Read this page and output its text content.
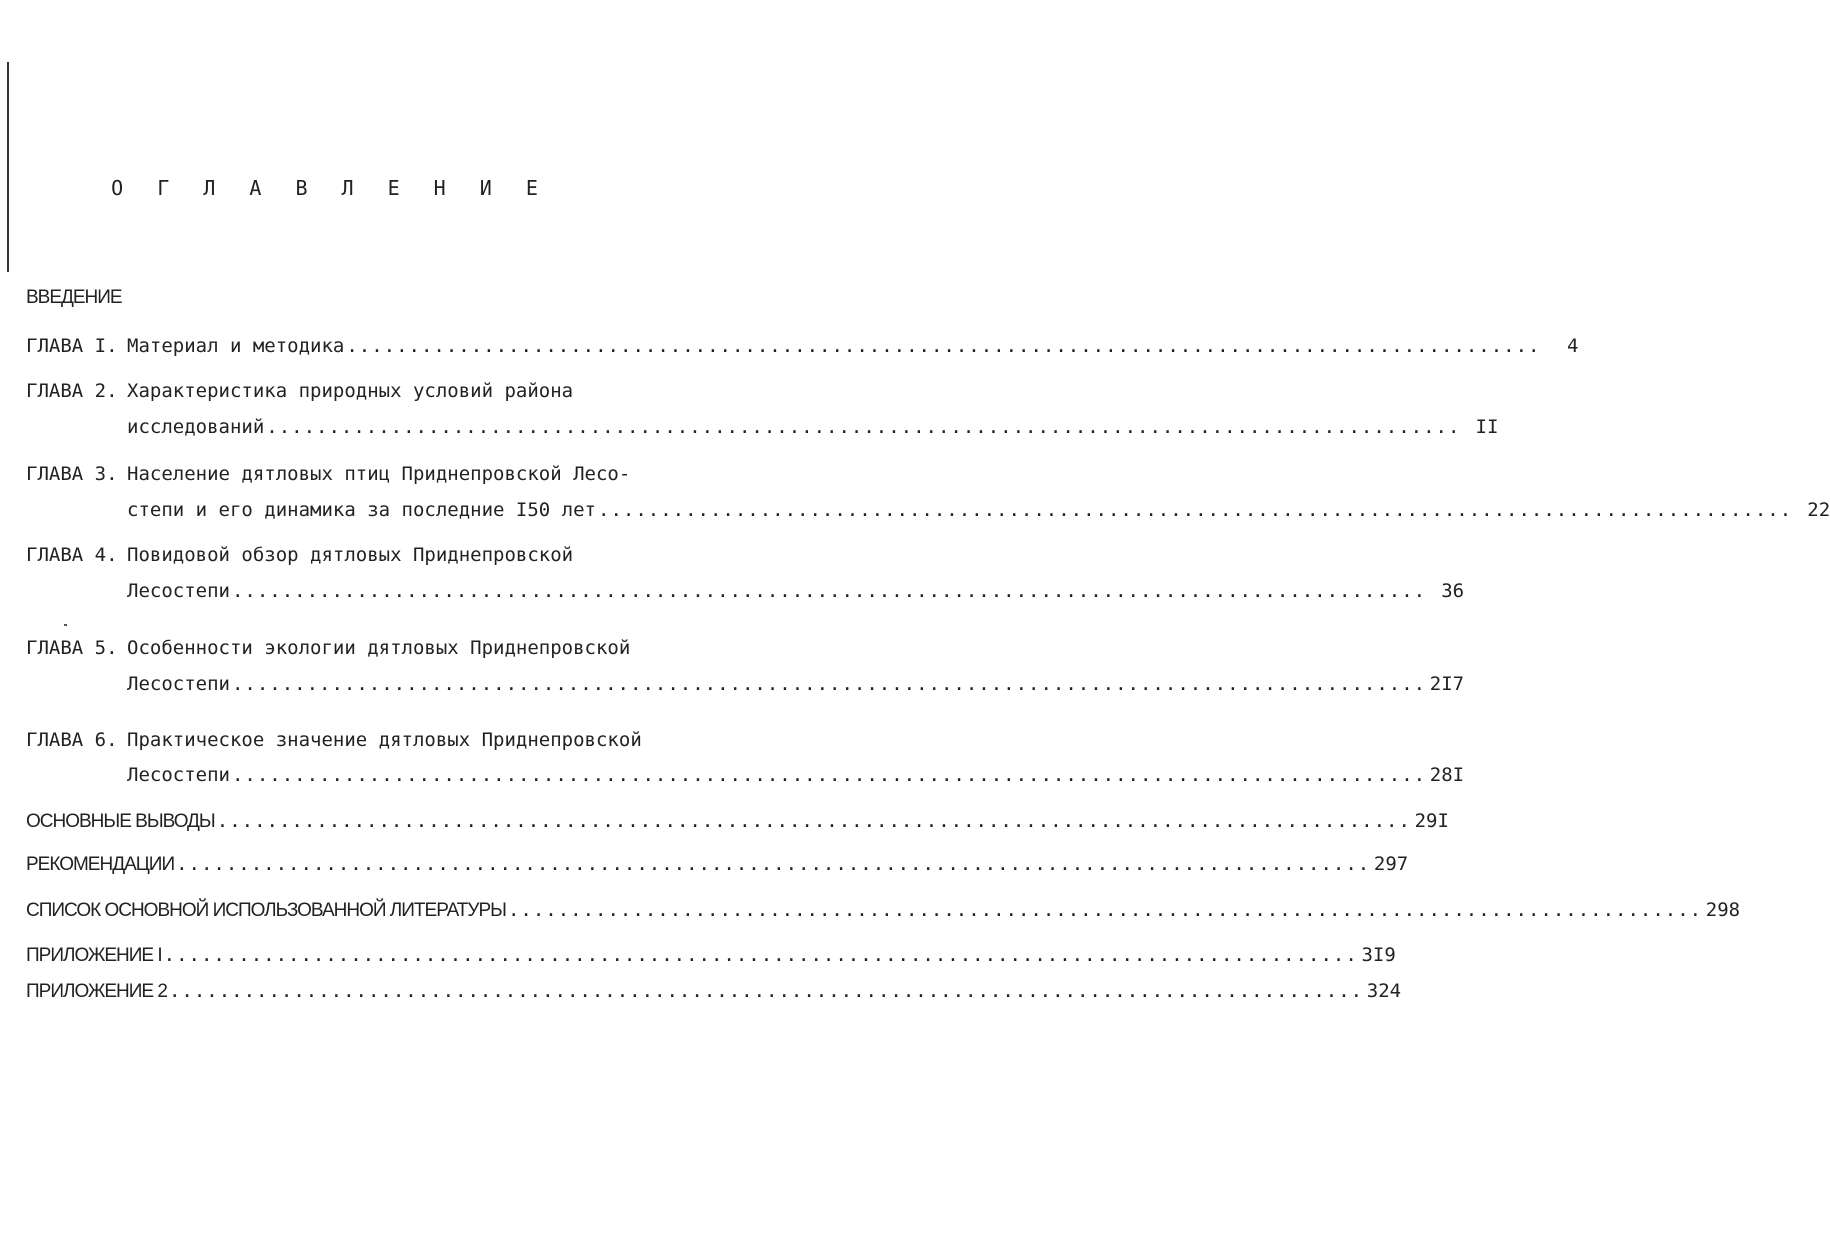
О Г Л А В Л Е Н И Е
ВВЕДЕНИЕ
ГЛАВА I. Материал и методика ................................................................................................	4
ГЛАВА 2. Характеристика природных условий района
исследований ................................................................................................ II
ГЛАВА 3. Население дятловых птиц Приднепровской Лесо-
степи и его динамика за последние I50 лет ................................................................................................ 22
ГЛАВА 4. Повидовой обзор дятловых Приднепровской
Лесостепи ................................................................................................ 36
ГЛАВА 5. Особенности экологии дятловых Приднепровской
Лесостепи ................................................................................................ 2I7
ГЛАВА 6. Практическое значение дятловых Приднепровской
Лесостепи ................................................................................................ 28I
ОСНОВНЫЕ ВЫВОДЫ ................................................................................................ 29I
РЕКОМЕНДАЦИИ ................................................................................................ 297
СПИСОК ОСНОВНОЙ ИСПОЛЬЗОВАННОЙ ЛИТЕРАТУРЫ ................................................................................................ 298
ПРИЛОЖЕНИЕ I ................................................................................................ 3I9
ПРИЛОЖЕНИЕ 2 ................................................................................................ 324
